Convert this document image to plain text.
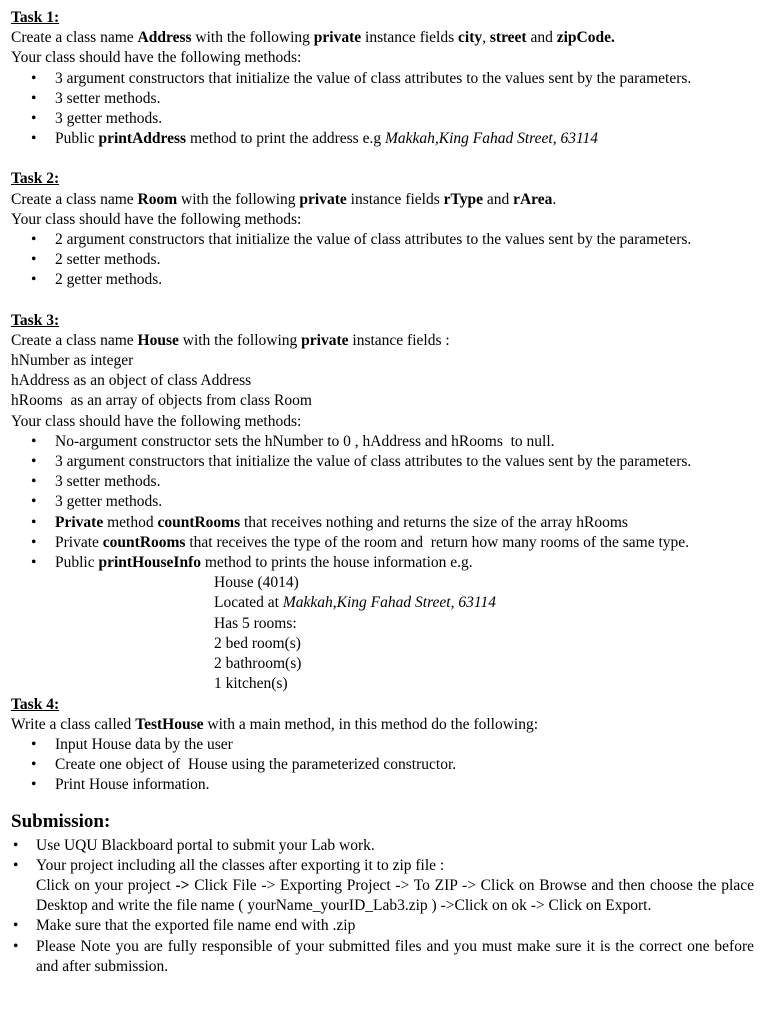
Task 1:
Create a class name Address with the following private instance fields city, street and zipCode.
Your class should have the following methods:
• 3 argument constructors that initialize the value of class attributes to the values sent by the parameters.
• 3 setter methods.
• 3 getter methods.
• Public printAddress method to print the address e.g Makkah,King Fahad Street, 63114
Task 2:
Create a class name Room with the following private instance fields rType and rArea.
Your class should have the following methods:
• 2 argument constructors that initialize the value of class attributes to the values sent by the parameters.
• 2 setter methods.
• 2 getter methods.
Task 3:
Create a class name House with the following private instance fields :
hNumber as integer
hAddress as an object of class Address
hRooms  as an array of objects from class Room
Your class should have the following methods:
• No-argument constructor sets the hNumber to 0 , hAddress and hRooms  to null.
• 3 argument constructors that initialize the value of class attributes to the values sent by the parameters.
• 3 setter methods.
• 3 getter methods.
• Private method countRooms that receives nothing and returns the size of the array hRooms
• Private countRooms that receives the type of the room and  return how many rooms of the same type.
• Public printHouseInfo method to prints the house information e.g.
House (4014)
Located at Makkah,King Fahad Street, 63114
Has 5 rooms:
2 bed room(s)
2 bathroom(s)
1 kitchen(s)
Task 4:
Write a class called TestHouse with a main method, in this method do the following:
• Input House data by the user
• Create one object of  House using the parameterized constructor.
• Print House information.
Submission:
• Use UQU Blackboard portal to submit your Lab work.
• Your project including all the classes after exporting it to zip file :
Click on your project -> Click File -> Exporting Project -> To ZIP -> Click on Browse and then choose the place Desktop and write the file name ( yourName_yourID_Lab3.zip ) ->Click on ok -> Click on Export.
• Make sure that the exported file name end with .zip
• Please Note you are fully responsible of your submitted files and you must make sure it is the correct one before and after submission.
